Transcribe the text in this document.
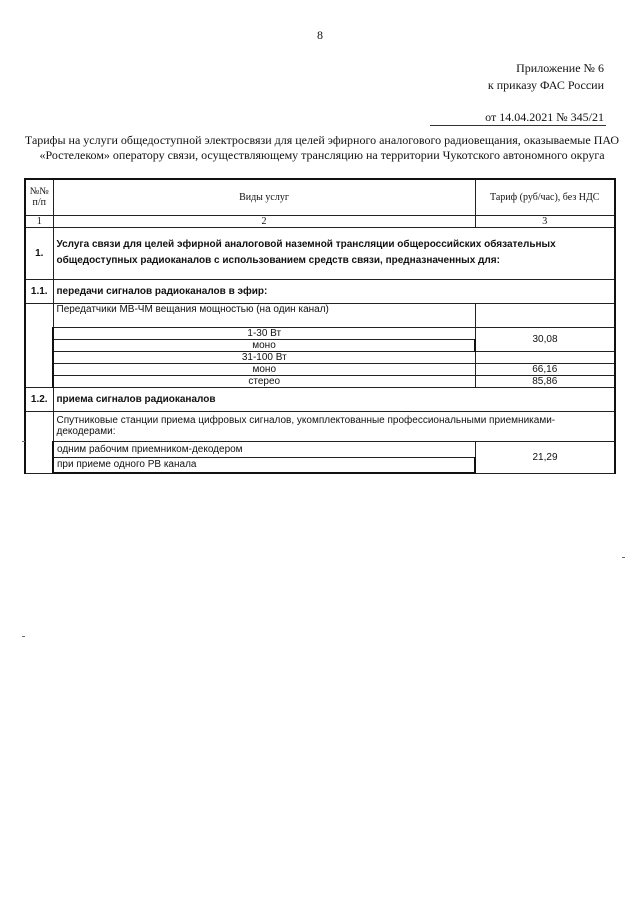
8
Приложение № 6
к приказу ФАС России
от 14.04.2021 № 345/21
Тарифы на услуги общедоступной электросвязи для целей эфирного аналогового радиовещания, оказываемые ПАО
«Ростелеком» оператору связи, осуществляющему трансляцию на территории Чукотского автономного округа
№№ п/п	Виды услуг	Тариф (руб/час), без НДС
1	2	3
1.	Услуга связи для целей эфирной аналоговой наземной трансляции общероссийских обязательных общедоступных радиоканалов с использованием средств связи, предназначенных для:	
1.1.	передачи сигналов радиоканалов в эфир:	
	Передатчики МВ-ЧМ вещания мощностью (на один канал)	
	1-30 Вт	30,08
	моно	
	31-100 Вт	
	моно	66,16
	стерео	85,86
1.2.	приема сигналов радиоканалов	
	Спутниковые станции приема цифровых сигналов, укомплектованные профессиональными приемниками-декодерами:	
	одним рабочим приемником-декодером	21,29
	при приеме одного РВ канала	
